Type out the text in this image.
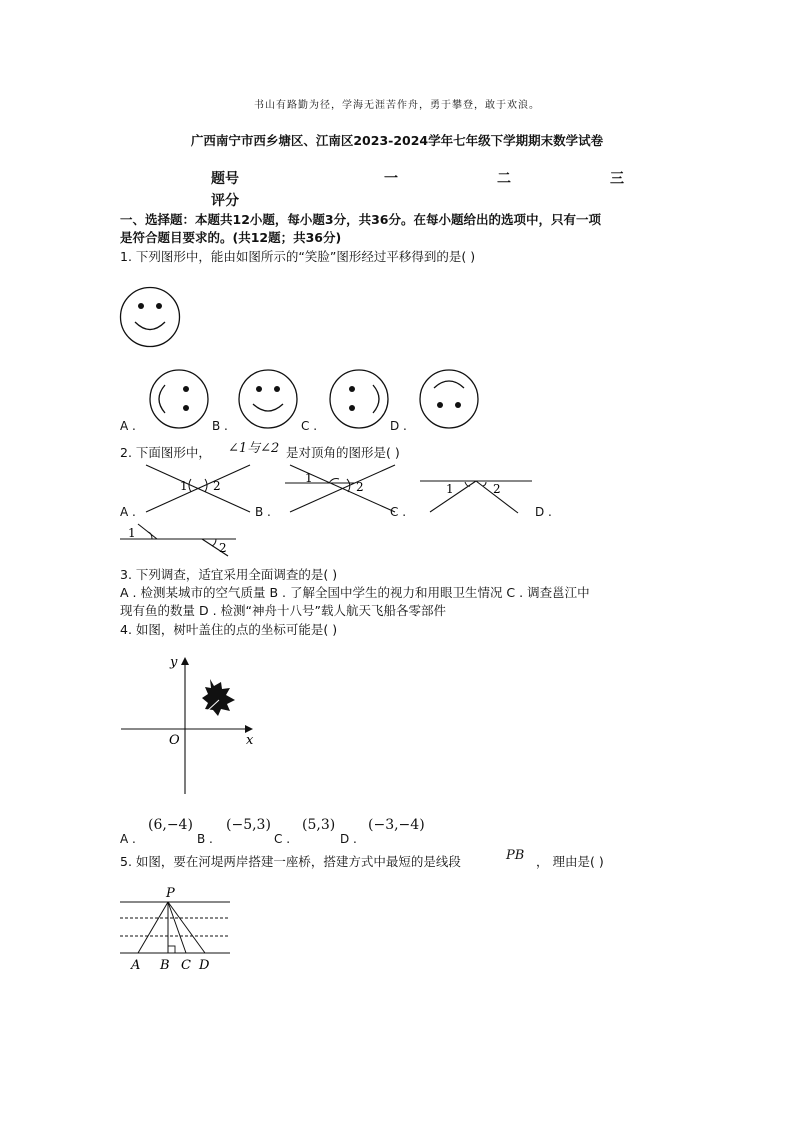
书山有路勤为径，学海无涯苦作舟，勇于攀登，敢于欢浪。
广西南宁市西乡塘区、江南区2023-2024学年七年级下学期期末数学试卷
题号	一	二	三
评分
一、选择题：本题共12小题，每小题3分，共36分。在每小题给出的选项中，只有一项
是符合题目要求的。(共12题；共36分)
1. 下列图形中，能由如图所示的“笑脸”图形经过平移得到的是( )
A .	B .	C .	D .
2. 下面图形中， ∠1与∠2 是对顶角的图形是( )
1 2
1
2	1	2
A .	B .	C .	D .
1
2
3. 下列调查，适宜采用全面调查的是( )
A . 检测某城市的空气质量 B . 了解全国中学生的视力和用眼卫生情况 C . 调查邕江中
现有鱼的数量 D . 检测“神舟十八号”载人航天飞船各零部件
4. 如图，树叶盖住的点的坐标可能是( )
x
y
O
A .
(6,−4)
B .
(−5,3)
C .
(5,3)
D .
(−3,−4)
5. 如图，要在河堤两岸搭建一座桥，搭建方式中最短的是线段	PB ， 理由是( )
P
A B C D
